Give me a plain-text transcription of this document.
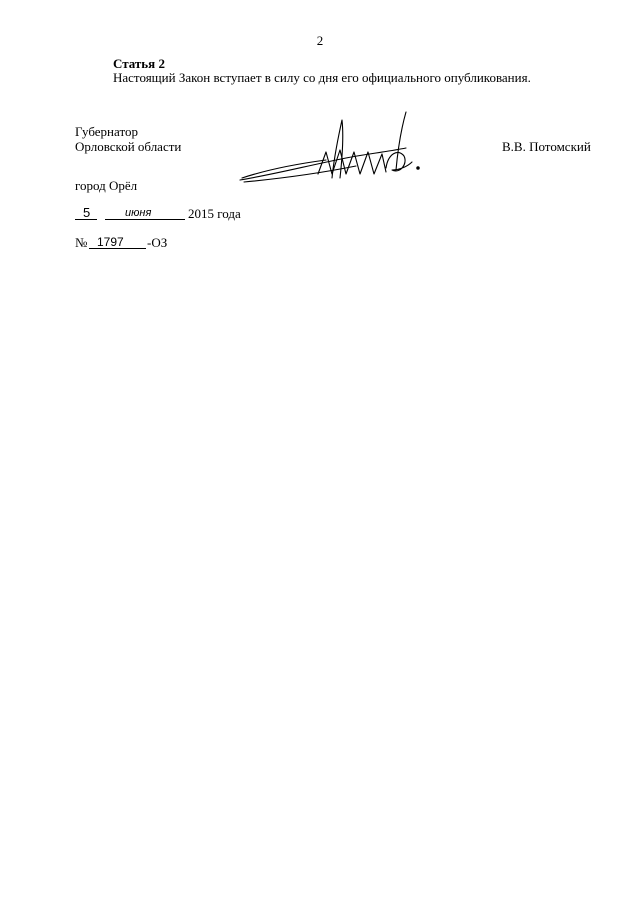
2
Статья 2
Настоящий Закон вступает в силу со дня его официального опубликования.
Губернатор
Орловской области	В.В. Потомский
город Орёл
5	июня	2015 года
№ 1797 -ОЗ
